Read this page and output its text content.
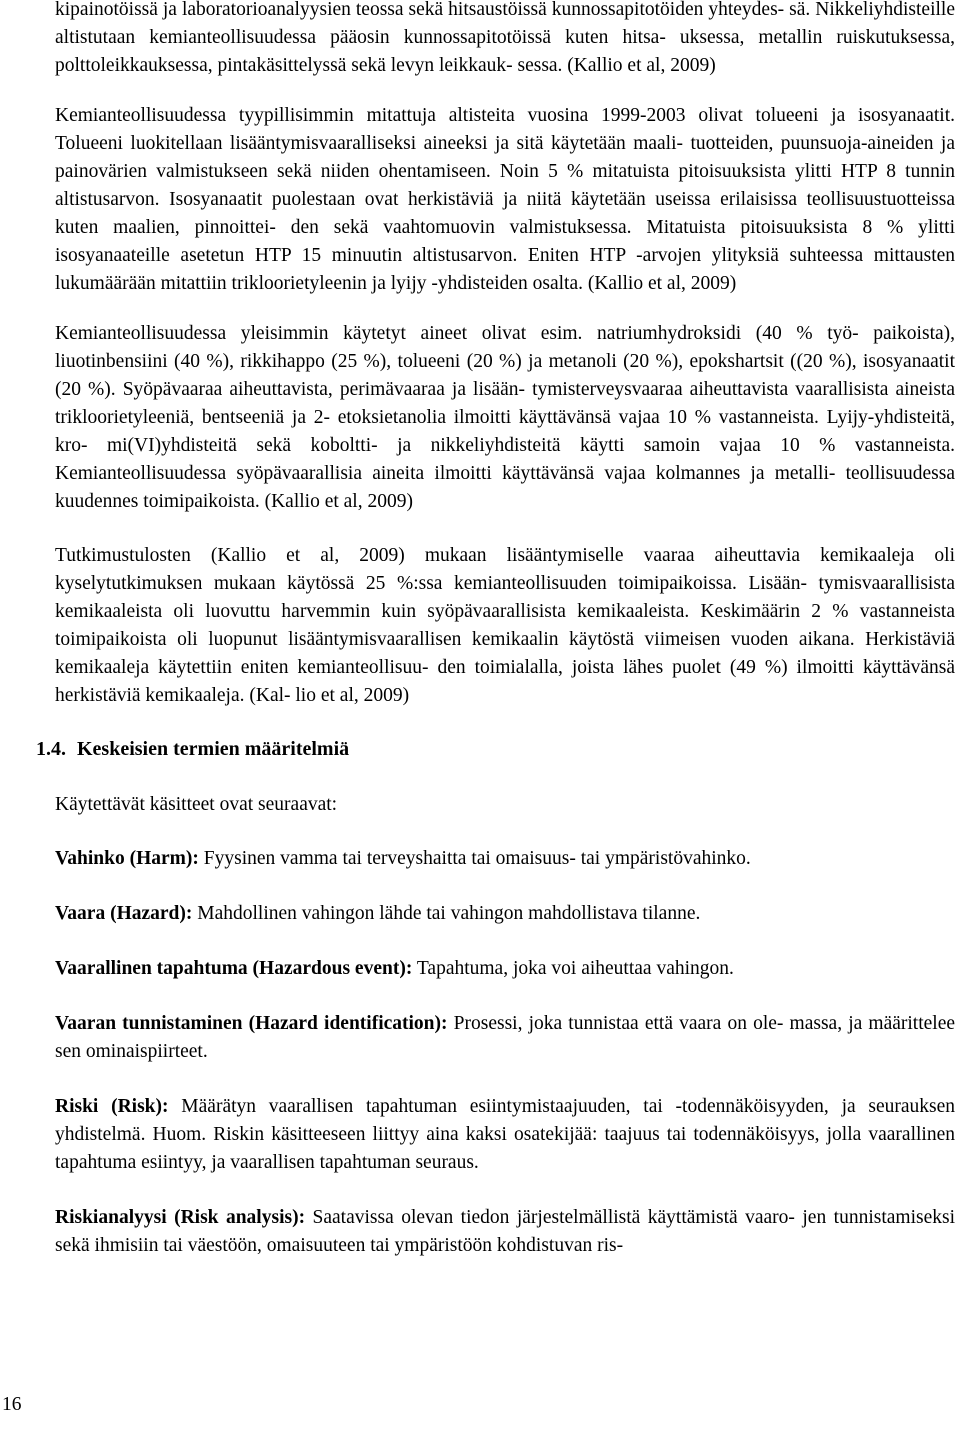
kipainotöissä ja laboratorioanalyysien teossa sekä hitsaustöissä kunnossapitotöiden yhteydes- sä. Nikkeliyhdisteille altistutaan kemianteollisuudessa pääosin kunnossapitotöissä kuten hitsa- uksessa, metallin ruiskutuksessa, polttoleikkauksessa, pintakäsittelyssä sekä levyn leikkauk- sessa. (Kallio et al, 2009)

Kemianteollisuudessa tyypillisimmin mitattuja altisteita vuosina 1999-2003 olivat tolueeni ja isosyanaatit. Tolueeni luokitellaan lisääntymisvaaralliseksi aineeksi ja sitä käytetään maali- tuotteiden, puunsuoja-aineiden ja painovärien valmistukseen sekä niiden ohentamiseen. Noin 5 % mitatuista pitoisuuksista ylitti HTP 8 tunnin altistusarvon. Isosyanaatit puolestaan ovat herkistäviä ja niitä käytetään useissa erilaisissa teollisuustuotteissa kuten maalien, pinnoittei- den sekä vaahtomuovin valmistuksessa. Mitatuista pitoisuuksista 8 % ylitti isosyanaateille asetetun HTP 15 minuutin altistusarvon. Eniten HTP -arvojen ylityksiä suhteessa mittausten lukumäärään mitattiin trikloorietyleenin ja lyijy -yhdisteiden osalta. (Kallio et al, 2009)

Kemianteollisuudessa yleisimmin käytetyt aineet olivat esim. natriumhydroksidi (40 % työ- paikoista), liuotinbensiini (40 %), rikkihappo (25 %), tolueeni (20 %) ja metanoli (20 %), epokshartsit ((20 %), isosyanaatit (20 %). Syöpävaaraa aiheuttavista, perimävaaraa ja lisään- tymisterveysvaaraa aiheuttavista vaarallisista aineista trikloorietyleeniä, bentseeniä ja 2- etoksietanolia ilmoitti käyttävänsä vajaa 10 % vastanneista. Lyijy-yhdisteitä, kro- mi(VI)yhdisteitä sekä koboltti- ja nikkeliyhdisteitä käytti samoin vajaa 10 % vastanneista. Kemianteollisuudessa syöpävaarallisia aineita ilmoitti käyttävänsä vajaa kolmannes ja metalli- teollisuudessa kuudennes toimipaikoista. (Kallio et al, 2009)

Tutkimustulosten (Kallio et al, 2009) mukaan lisääntymiselle vaaraa aiheuttavia kemikaaleja oli kyselytutkimuksen mukaan käytössä 25 %:ssa kemianteollisuuden toimipaikoissa. Lisään- tymisvaarallisista kemikaaleista oli luovuttu harvemmin kuin syöpävaarallisista kemikaaleista. Keskimäärin 2 % vastanneista toimipaikoista oli luopunut lisääntymisvaarallisen kemikaalin käytöstä viimeisen vuoden aikana. Herkistäviä kemikaaleja käytettiin eniten kemianteollisuu- den toimialalla, joista lähes puolet (49 %) ilmoitti käyttävänsä herkistäviä kemikaaleja. (Kal- lio et al, 2009)

1.4. Keskeisien termien määritelmiä

Käytettävät käsitteet ovat seuraavat:

Vahinko (Harm): Fyysinen vamma tai terveyshaitta tai omaisuus- tai ympäristövahinko.

Vaara (Hazard): Mahdollinen vahingon lähde tai vahingon mahdollistava tilanne.

Vaarallinen tapahtuma (Hazardous event): Tapahtuma, joka voi aiheuttaa vahingon.

Vaaran tunnistaminen (Hazard identification): Prosessi, joka tunnistaa että vaara on ole- massa, ja määrittelee sen ominaispiirteet.

Riski (Risk): Määrätyn vaarallisen tapahtuman esiintymistaajuuden, tai -todennäköisyyden, ja seurauksen yhdistelmä. Huom. Riskin käsitteeseen liittyy aina kaksi osatekijää: taajuus tai todennäköisyys, jolla vaarallinen tapahtuma esiintyy, ja vaarallisen tapahtuman seuraus.

Riskianalyysi (Risk analysis): Saatavissa olevan tiedon järjestelmällistä käyttämistä vaaro- jen tunnistamiseksi sekä ihmisiin tai väestöön, omaisuuteen tai ympäristöön kohdistuvan ris-

16
